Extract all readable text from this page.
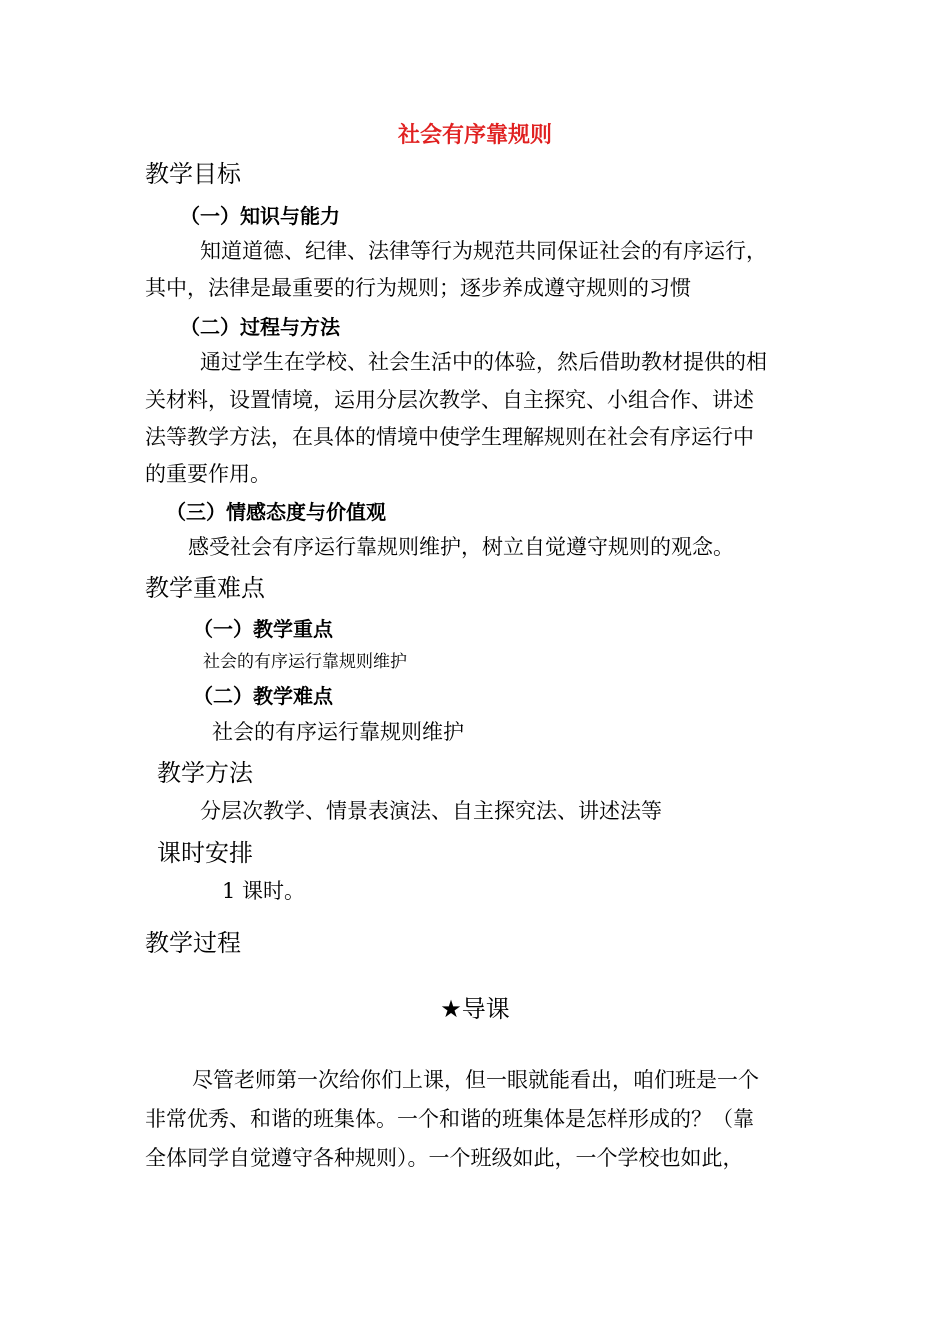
社会有序靠规则
教学目标
（一）知识与能力
知道道德、纪律、法律等行为规范共同保证社会的有序运行，
其中，法律是最重要的行为规则；逐步养成遵守规则的习惯
（二）过程与方法
通过学生在学校、社会生活中的体验，然后借助教材提供的相
关材料，设置情境，运用分层次教学、自主探究、小组合作、讲述
法等教学方法，在具体的情境中使学生理解规则在社会有序运行中
的重要作用。
（三）情感态度与价值观
感受社会有序运行靠规则维护，树立自觉遵守规则的观念。
教学重难点
（一）教学重点
社会的有序运行靠规则维护
（二）教学难点
社会的有序运行靠规则维护
教学方法
分层次教学、情景表演法、自主探究法、讲述法等
课时安排
1 课时。
教学过程
★导课
尽管老师第一次给你们上课，但一眼就能看出，咱们班是一个
非常优秀、和谐的班集体。一个和谐的班集体是怎样形成的？（靠
全体同学自觉遵守各种规则）。一个班级如此，一个学校也如此，
